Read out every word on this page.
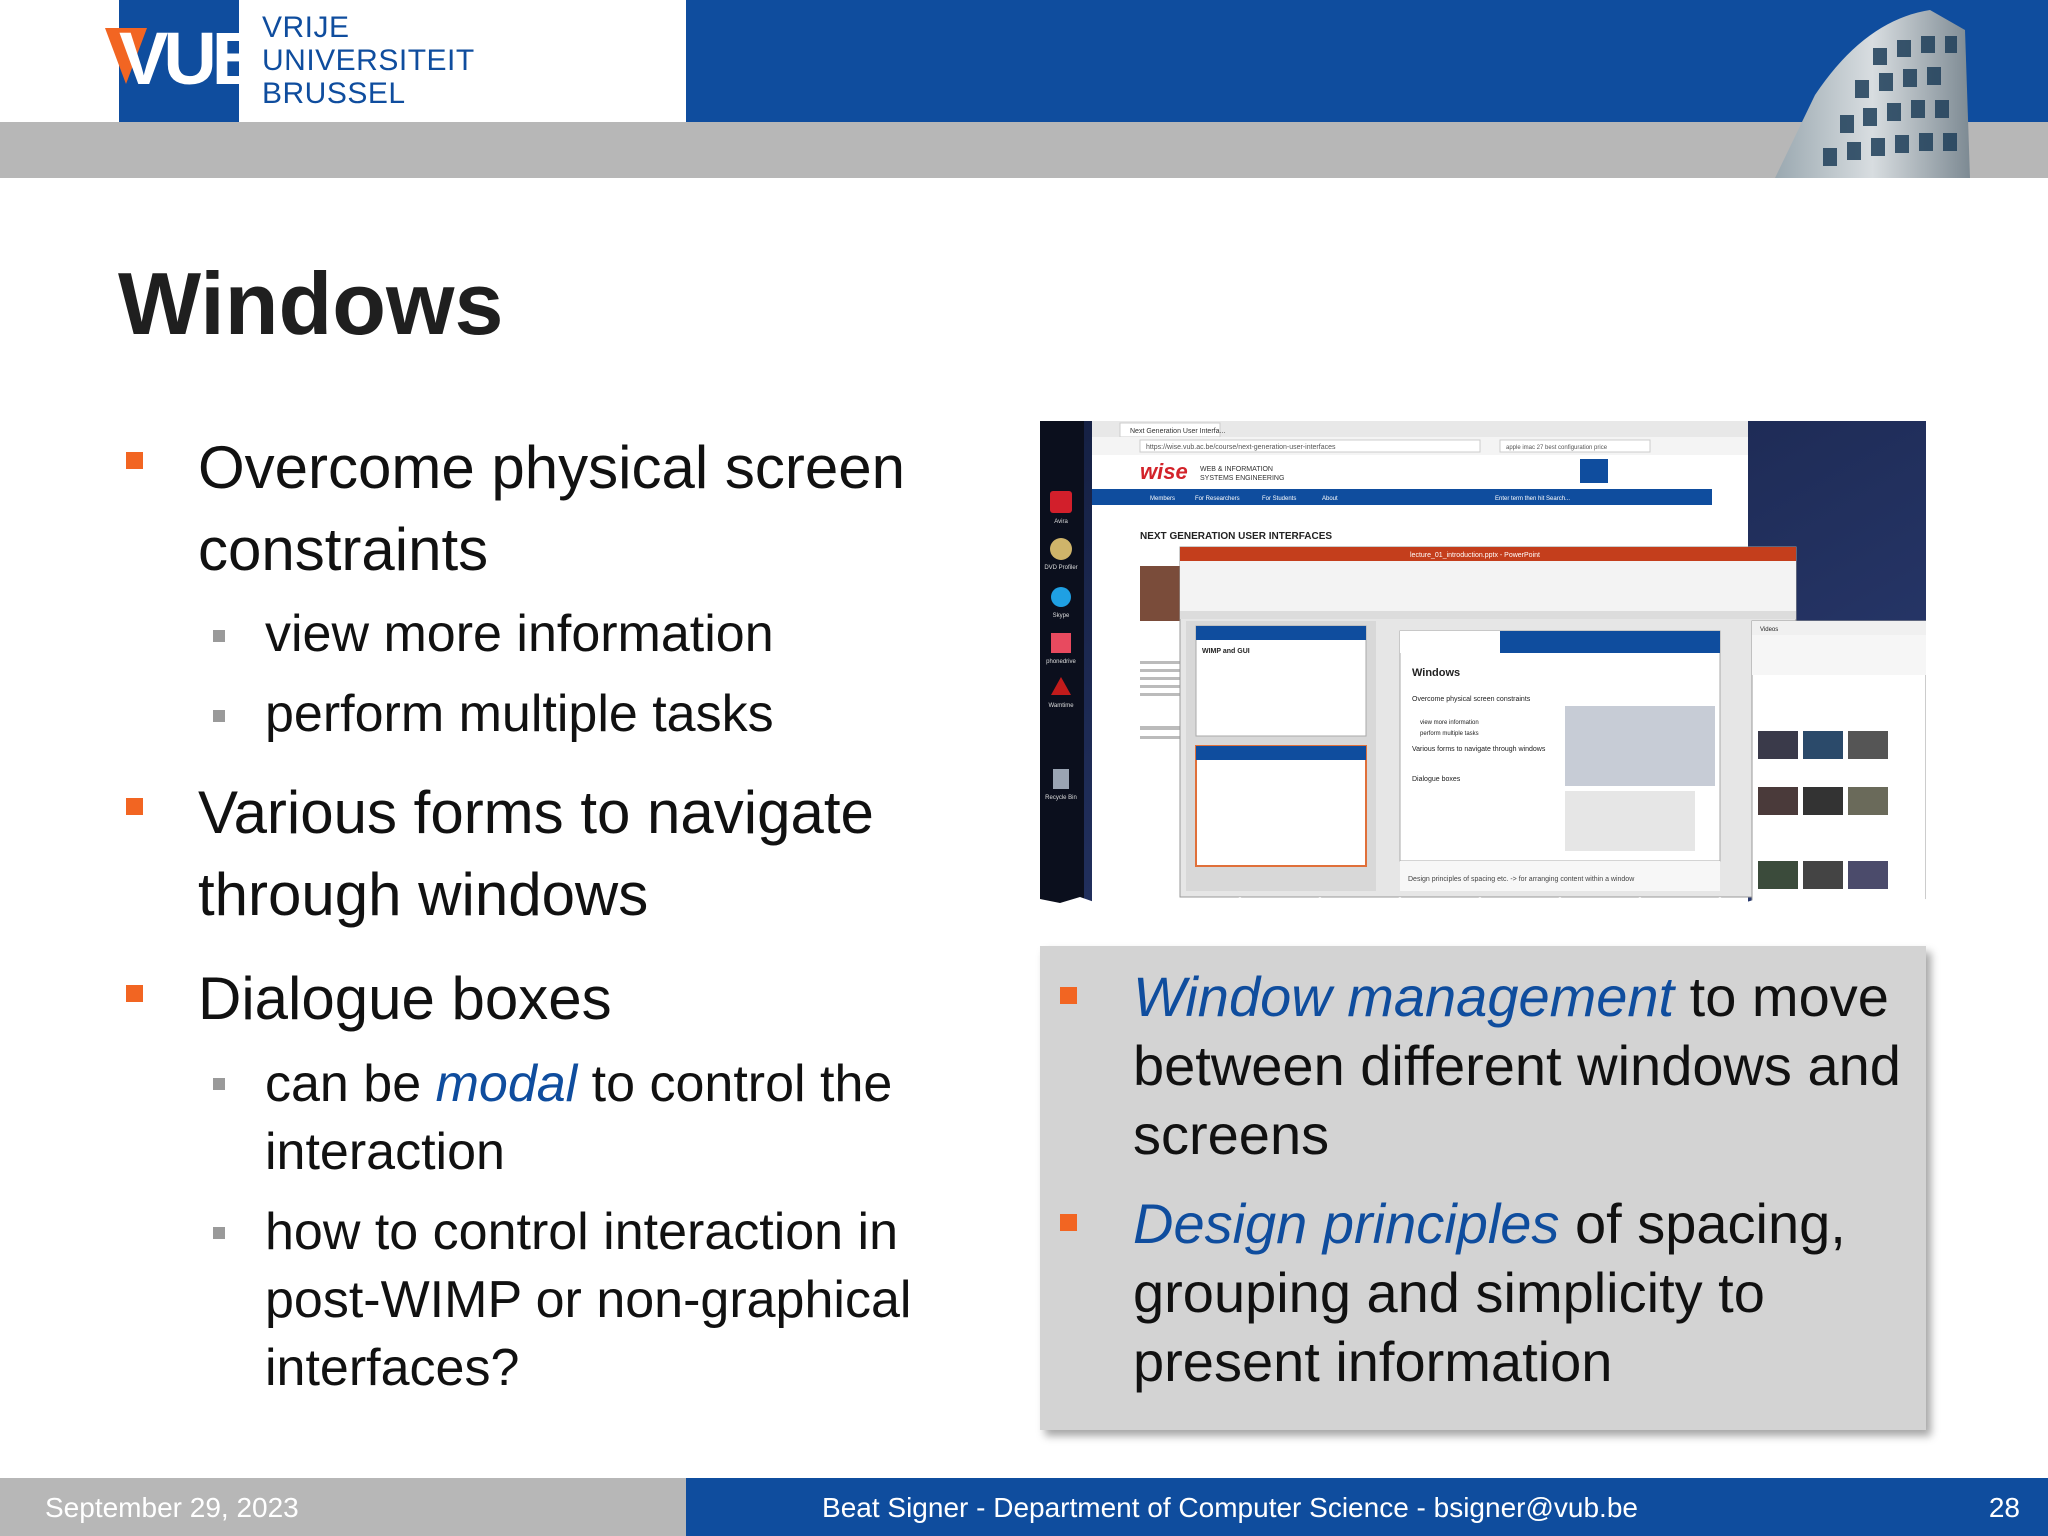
VUB VRIJE
UNIVERSITEIT
BRUSSEL
Windows
Overcome physical screen constraints
view more information
perform multiple tasks
Various forms to navigate through windows
Dialogue boxes
can be modal to control the interaction
how to control interaction in post-WIMP or non-graphical interfaces?
Avira
DVD Profiler
Skype
phonedrive
Wamtime
Recycle Bin
Next Generation User Interfa...
https://wise.vub.ac.be/course/next-generation-user-interfaces	apple imac 27 best configuration price
wise WEB & INFORMATION
SYSTEMS ENGINEERING
Members	For Researchers	For Students	About	Enter term then hit Search...
NEXT GENERATION USER INTERFACES
lecture_01_introduction.pptx - PowerPoint
WIMP and GUI
Windows
Overcome physical screen constraints
view more information
perform multiple tasks
Various forms to navigate through windows
Dialogue boxes
Design principles of spacing etc. -> for arranging content within a window
Videos
Window management to move between different windows and screens
Design principles of spacing, grouping and simplicity to present information
September 29, 2023	Beat Signer - Department of Computer Science - bsigner@vub.be	28
